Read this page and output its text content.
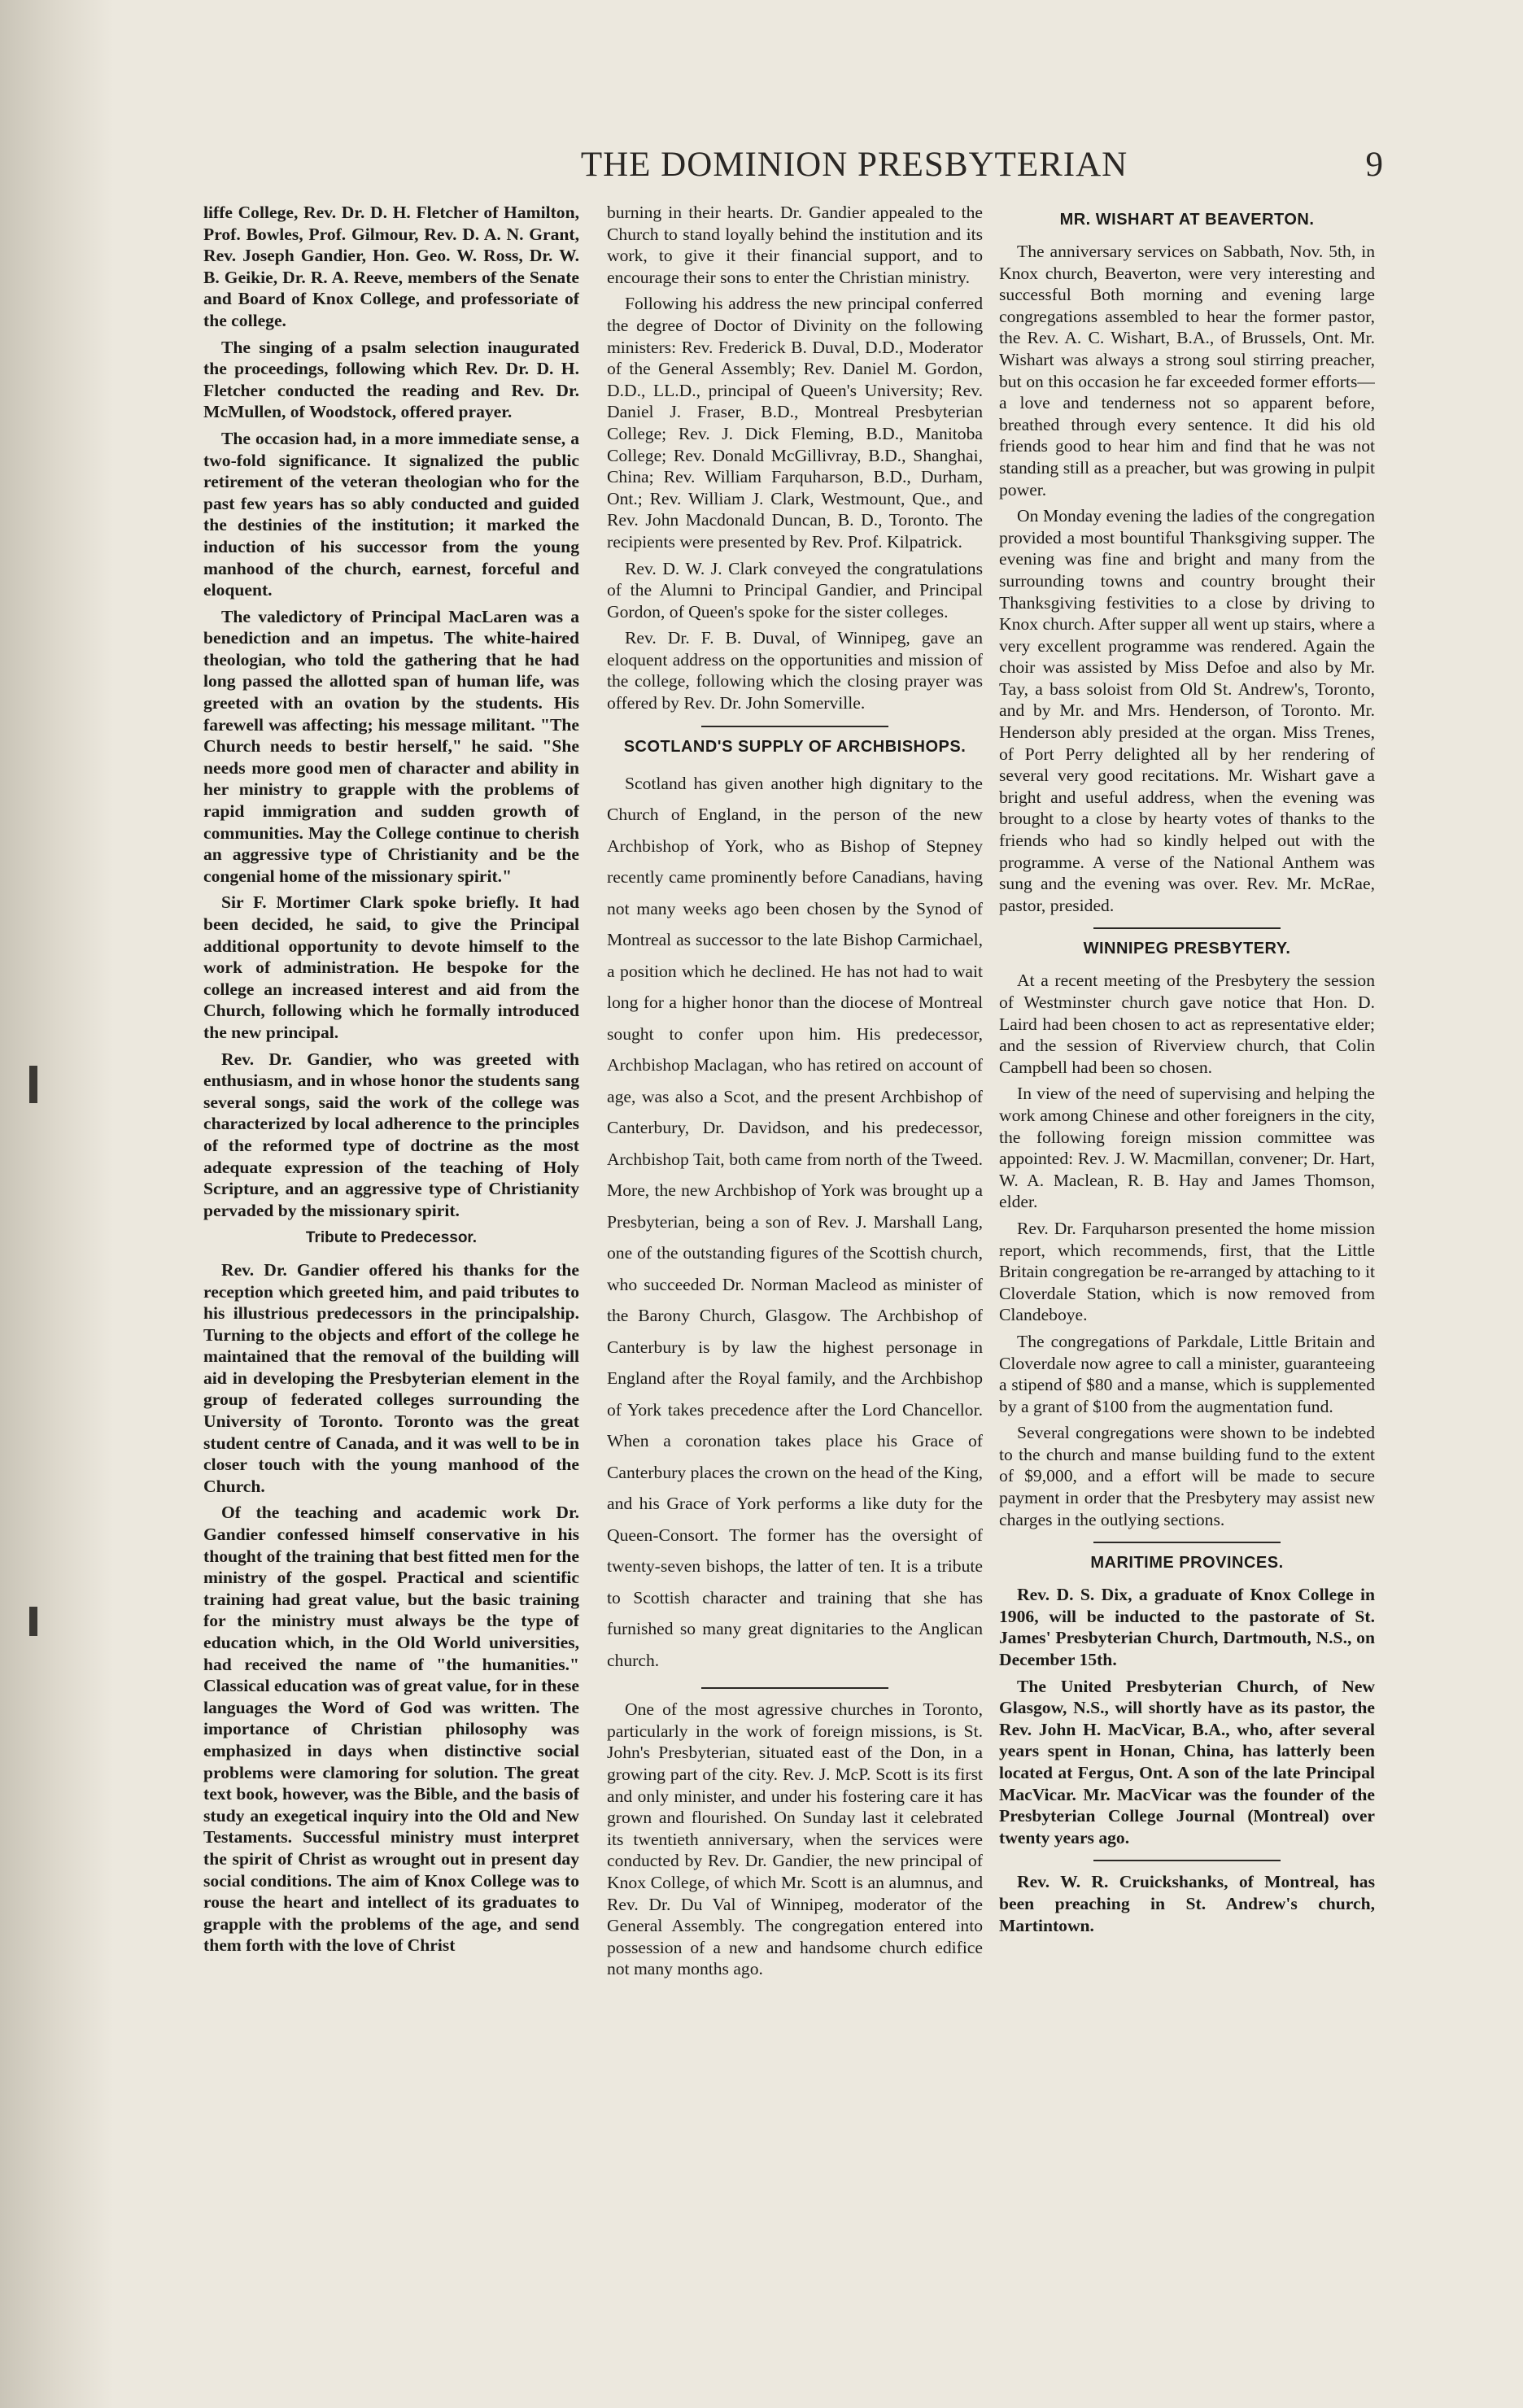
THE DOMINION PRESBYTERIAN	9

liffe College, Rev. Dr. D. H. Fletcher of Hamilton, Prof. Bowles, Prof. Gilmour, Rev. D. A. N. Grant, Rev. Joseph Gandier, Hon. Geo. W. Ross, Dr. W. B. Geikie, Dr. R. A. Reeve, members of the Senate and Board of Knox College, and professoriate of the college.

The singing of a psalm selection inaugurated the proceedings, following which Rev. Dr. D. H. Fletcher conducted the reading and Rev. Dr. McMullen, of Woodstock, offered prayer.

The occasion had, in a more immediate sense, a two-fold significance. It signalized the public retirement of the veteran theologian who for the past few years has so ably conducted and guided the destinies of the institution; it marked the induction of his successor from the young manhood of the church, earnest, forceful and eloquent.

The valedictory of Principal MacLaren was a benediction and an impetus. The white-haired theologian, who told the gathering that he had long passed the allotted span of human life, was greeted with an ovation by the students. His farewell was affecting; his message militant. "The Church needs to bestir herself," he said. "She needs more good men of character and ability in her ministry to grapple with the problems of rapid immigration and sudden growth of communities. May the College continue to cherish an aggressive type of Christianity and be the congenial home of the missionary spirit."

Sir F. Mortimer Clark spoke briefly. It had been decided, he said, to give the Principal additional opportunity to devote himself to the work of administration. He bespoke for the college an increased interest and aid from the Church, following which he formally introduced the new principal.

Rev. Dr. Gandier, who was greeted with enthusiasm, and in whose honor the students sang several songs, said the work of the college was characterized by local adherence to the principles of the reformed type of doctrine as the most adequate expression of the teaching of Holy Scripture, and an aggressive type of Christianity pervaded by the missionary spirit.

Tribute to Predecessor.

Rev. Dr. Gandier offered his thanks for the reception which greeted him, and paid tributes to his illustrious predecessors in the principalship. Turning to the objects and effort of the college he maintained that the removal of the building will aid in developing the Presbyterian element in the group of federated colleges surrounding the University of Toronto. Toronto was the great student centre of Canada, and it was well to be in closer touch with the young manhood of the Church.

Of the teaching and academic work Dr. Gandier confessed himself conservative in his thought of the training that best fitted men for the ministry of the gospel. Practical and scientific training had great value, but the basic training for the ministry must always be the type of education which, in the Old World universities, had received the name of "the humanities." Classical education was of great value, for in these languages the Word of God was written. The importance of Christian philosophy was emphasized in days when distinctive social problems were clamoring for solution. The great text book, however, was the Bible, and the basis of study an exegetical inquiry into the Old and New Testaments. Successful ministry must interpret the spirit of Christ as wrought out in present day social conditions. The aim of Knox College was to rouse the heart and intellect of its graduates to grapple with the problems of the age, and send them forth with the love of Christ

burning in their hearts. Dr. Gandier appealed to the Church to stand loyally behind the institution and its work, to give it their financial support, and to encourage their sons to enter the Christian ministry.

Following his address the new principal conferred the degree of Doctor of Divinity on the following ministers: Rev. Frederick B. Duval, D.D., Moderator of the General Assembly; Rev. Daniel M. Gordon, D.D., LL.D., principal of Queen's University; Rev. Daniel J. Fraser, B.D., Montreal Presbyterian College; Rev. J. Dick Fleming, B.D., Manitoba College; Rev. Donald McGillivray, B.D., Shanghai, China; Rev. William Farquharson, B.D., Durham, Ont.; Rev. William J. Clark, Westmount, Que., and Rev. John Macdonald Duncan, B. D., Toronto. The recipients were presented by Rev. Prof. Kilpatrick.

Rev. D. W. J. Clark conveyed the congratulations of the Alumni to Principal Gandier, and Principal Gordon, of Queen's spoke for the sister colleges.

Rev. Dr. F. B. Duval, of Winnipeg, gave an eloquent address on the opportunities and mission of the college, following which the closing prayer was offered by Rev. Dr. John Somerville.

SCOTLAND'S SUPPLY OF ARCHBISHOPS.

Scotland has given another high dignitary to the Church of England, in the person of the new Archbishop of York, who as Bishop of Stepney recently came prominently before Canadians, having not many weeks ago been chosen by the Synod of Montreal as successor to the late Bishop Carmichael, a position which he declined. He has not had to wait long for a higher honor than the diocese of Montreal sought to confer upon him. His predecessor, Archbishop Maclagan, who has retired on account of age, was also a Scot, and the present Archbishop of Canterbury, Dr. Davidson, and his predecessor, Archbishop Tait, both came from north of the Tweed. More, the new Archbishop of York was brought up a Presbyterian, being a son of Rev. J. Marshall Lang, one of the outstanding figures of the Scottish church, who succeeded Dr. Norman Macleod as minister of the Barony Church, Glasgow. The Archbishop of Canterbury is by law the highest personage in England after the Royal family, and the Archbishop of York takes precedence after the Lord Chancellor. When a coronation takes place his Grace of Canterbury places the crown on the head of the King, and his Grace of York performs a like duty for the Queen-Consort. The former has the oversight of twenty-seven bishops, the latter of ten. It is a tribute to Scottish character and training that she has furnished so many great dignitaries to the Anglican church.

One of the most agressive churches in Toronto, particularly in the work of foreign missions, is St. John's Presbyterian, situated east of the Don, in a growing part of the city. Rev. J. McP. Scott is its first and only minister, and under his fostering care it has grown and flourished. On Sunday last it celebrated its twentieth anniversary, when the services were conducted by Rev. Dr. Gandier, the new principal of Knox College, of which Mr. Scott is an alumnus, and Rev. Dr. Du Val of Winnipeg, moderator of the General Assembly. The congregation entered into possession of a new and handsome church edifice not many months ago.

MR. WISHART AT BEAVERTON.

The anniversary services on Sabbath, Nov. 5th, in Knox church, Beaverton, were very interesting and successful Both morning and evening large congregations assembled to hear the former pastor, the Rev. A. C. Wishart, B.A., of Brussels, Ont. Mr. Wishart was always a strong soul stirring preacher, but on this occasion he far exceeded former efforts—a love and tenderness not so apparent before, breathed through every sentence. It did his old friends good to hear him and find that he was not standing still as a preacher, but was growing in pulpit power.

On Monday evening the ladies of the congregation provided a most bountiful Thanksgiving supper. The evening was fine and bright and many from the surrounding towns and country brought their Thanksgiving festivities to a close by driving to Knox church. After supper all went up stairs, where a very excellent programme was rendered. Again the choir was assisted by Miss Defoe and also by Mr. Tay, a bass soloist from Old St. Andrew's, Toronto, and by Mr. and Mrs. Henderson, of Toronto. Mr. Henderson ably presided at the organ. Miss Trenes, of Port Perry delighted all by her rendering of several very good recitations. Mr. Wishart gave a bright and useful address, when the evening was brought to a close by hearty votes of thanks to the friends who had so kindly helped out with the programme. A verse of the National Anthem was sung and the evening was over. Rev. Mr. McRae, pastor, presided.

WINNIPEG PRESBYTERY.

At a recent meeting of the Presbytery the session of Westminster church gave notice that Hon. D. Laird had been chosen to act as representative elder; and the session of Riverview church, that Colin Campbell had been so chosen.

In view of the need of supervising and helping the work among Chinese and other foreigners in the city, the following foreign mission committee was appointed: Rev. J. W. Macmillan, convener; Dr. Hart, W. A. Maclean, R. B. Hay and James Thomson, elder.

Rev. Dr. Farquharson presented the home mission report, which recommends, first, that the Little Britain congregation be re-arranged by attaching to it Cloverdale Station, which is now removed from Clandeboye.

The congregations of Parkdale, Little Britain and Cloverdale now agree to call a minister, guaranteeing a stipend of $80 and a manse, which is supplemented by a grant of $100 from the augmentation fund.

Several congregations were shown to be indebted to the church and manse building fund to the extent of $9,000, and a effort will be made to secure payment in order that the Presbytery may assist new charges in the outlying sections.

MARITIME PROVINCES.

Rev. D. S. Dix, a graduate of Knox College in 1906, will be inducted to the pastorate of St. James' Presbyterian Church, Dartmouth, N.S., on December 15th.

The United Presbyterian Church, of New Glasgow, N.S., will shortly have as its pastor, the Rev. John H. MacVicar, B.A., who, after several years spent in Honan, China, has latterly been located at Fergus, Ont. A son of the late Principal MacVicar. Mr. MacVicar was the founder of the Presbyterian College Journal (Montreal) over twenty years ago.

Rev. W. R. Cruickshanks, of Montreal, has been preaching in St. Andrew's church, Martintown.
